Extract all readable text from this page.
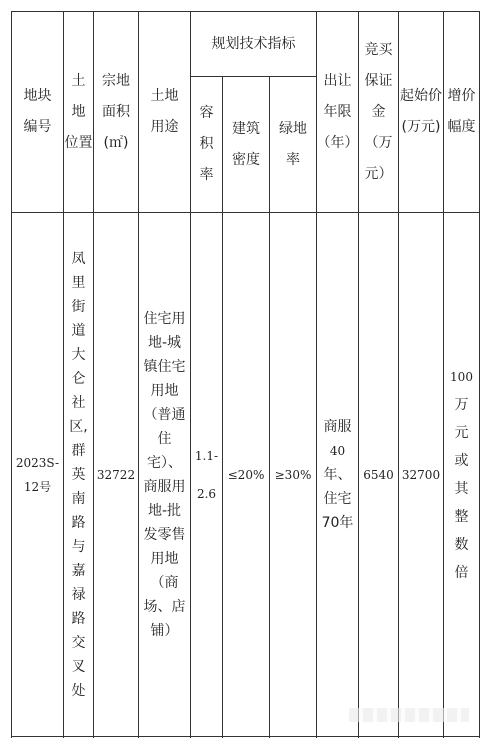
地块
编号
土
地
位置
宗地
面积
(㎡)
土地
用途
规划技术指标
容
积
率
建筑
密度
绿地
率
出让
年限
（年）
竞买
保证
金
（万
元）
起始价
(万元)
增价
幅度
2023S-
12号
凤
里
街
道
大
仑
社
区,
群
英
南
路
与
嘉
禄
路
交
叉
处
32722
住宅用
地-城
镇住宅
用地
（普通
住
宅）、
商服用
地-批
发零售
用地
（商
场、店
铺）
1.1-
2.6
≤20% ≥30%
商服
40
年、
住宅
70年
6540 32700
100
万
元
或
其
整
数
倍
